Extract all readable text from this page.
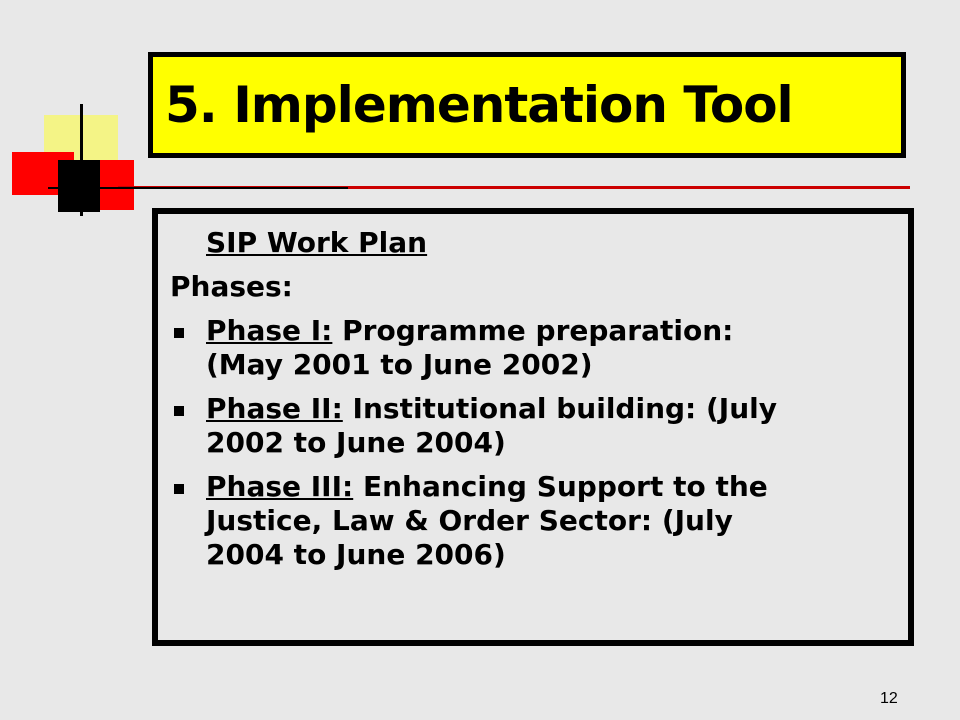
5. Implementation Tool
SIP Work Plan
Phases:
Phase I: Programme preparation:
(May 2001 to June 2002)
Phase II: Institutional building: (July
2002 to June 2004)
Phase III: Enhancing Support to the
Justice, Law & Order Sector: (July
2004 to June 2006)
12
